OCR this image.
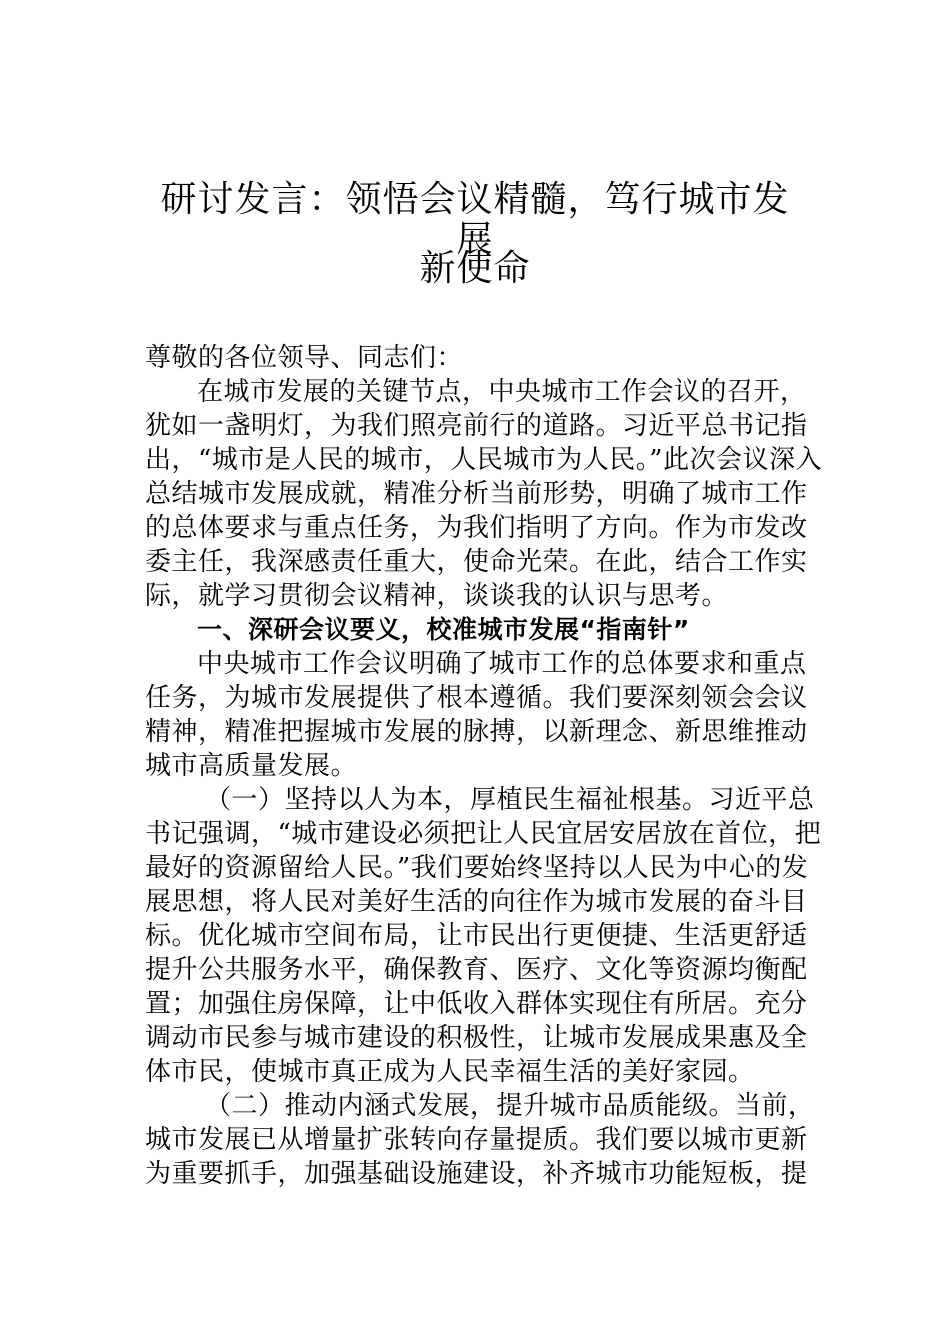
研讨发言：领悟会议精髓，笃行城市发展
新使命
尊敬的各位领导、同志们：
在城市发展的关键节点，中央城市工作会议的召开，
犹如一盏明灯，为我们照亮前行的道路。习近平总书记指
出，“城市是人民的城市，人民城市为人民。”此次会议深入
总结城市发展成就，精准分析当前形势，明确了城市工作
的总体要求与重点任务，为我们指明了方向。作为市发改
委主任，我深感责任重大，使命光荣。在此，结合工作实
际，就学习贯彻会议精神，谈谈我的认识与思考。
一、深研会议要义，校准城市发展“指南针”
中央城市工作会议明确了城市工作的总体要求和重点
任务，为城市发展提供了根本遵循。我们要深刻领会会议
精神，精准把握城市发展的脉搏，以新理念、新思维推动
城市高质量发展。
（一）坚持以人为本，厚植民生福祉根基。习近平总
书记强调，“城市建设必须把让人民宜居安居放在首位，把
最好的资源留给人民。”我们要始终坚持以人民为中心的发
展思想，将人民对美好生活的向往作为城市发展的奋斗目
标。优化城市空间布局，让市民出行更便捷、生活更舒适
提升公共服务水平，确保教育、医疗、文化等资源均衡配
置；加强住房保障，让中低收入群体实现住有所居。充分
调动市民参与城市建设的积极性，让城市发展成果惠及全
体市民，使城市真正成为人民幸福生活的美好家园。
（二）推动内涵式发展，提升城市品质能级。当前，
城市发展已从增量扩张转向存量提质。我们要以城市更新
为重要抓手，加强基础设施建设，补齐城市功能短板，提
